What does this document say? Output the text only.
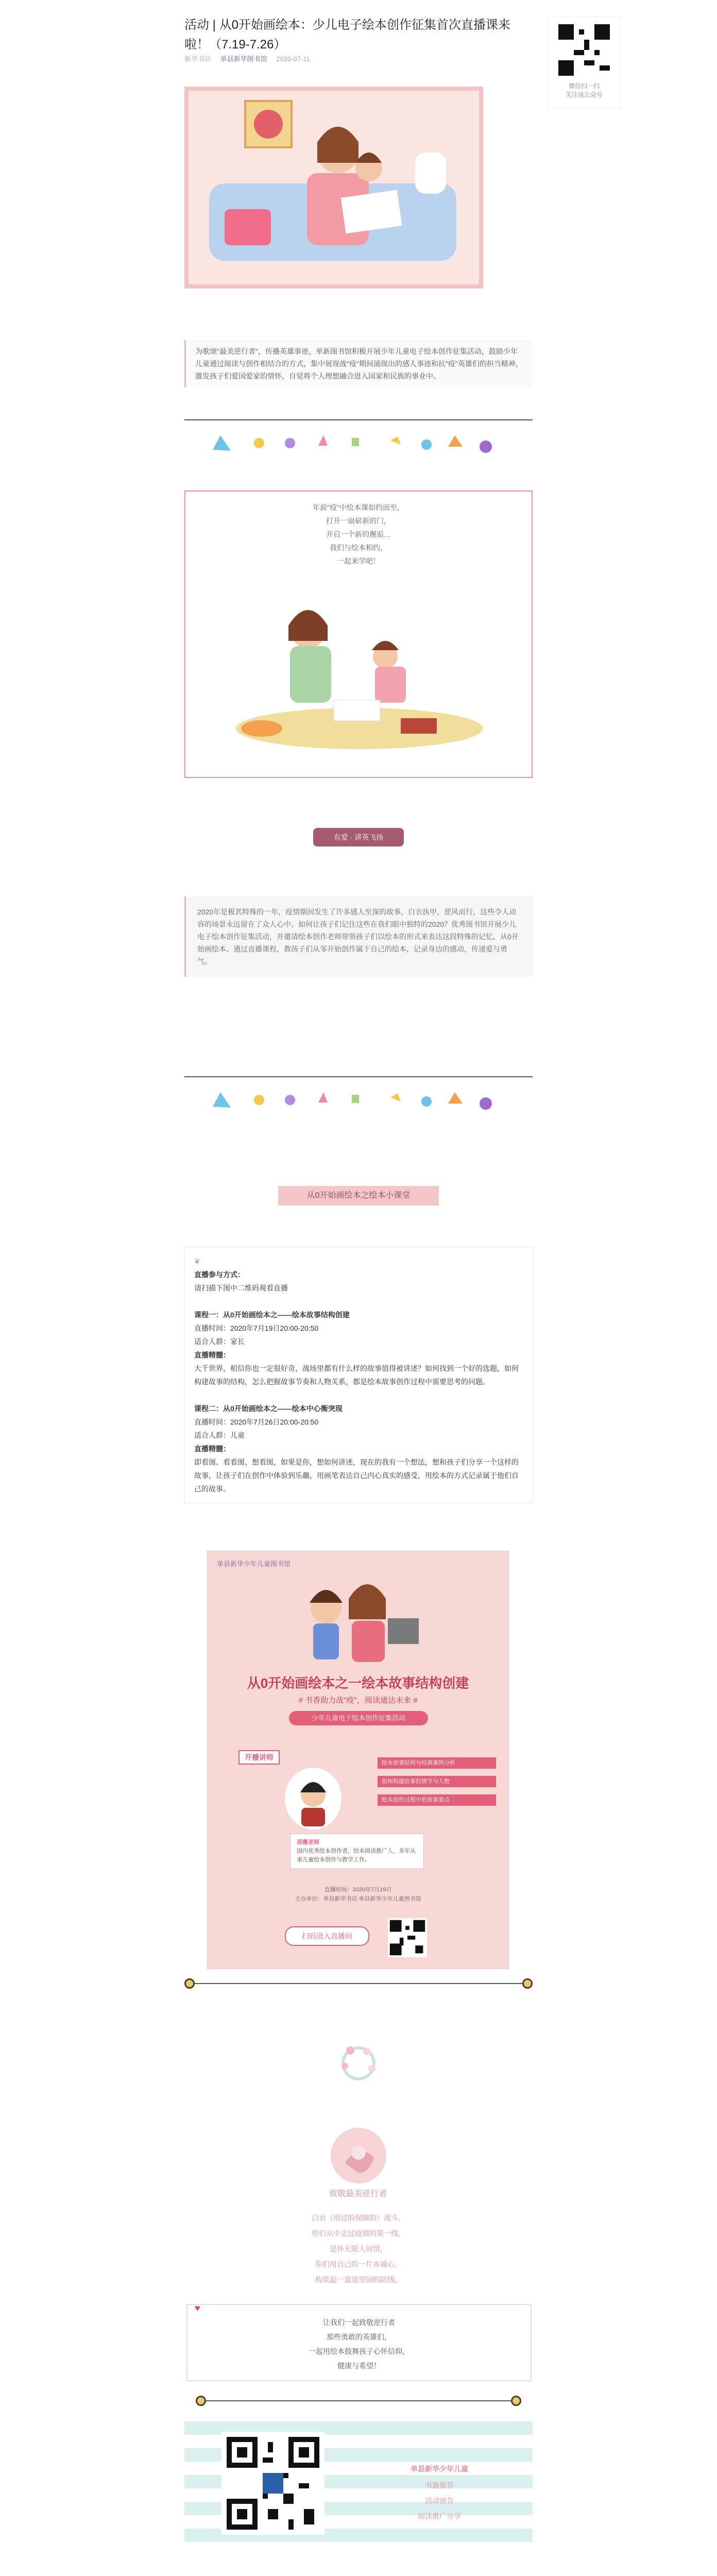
活动 | 从0开始画绘本：少儿电子绘本创作征集首次直播课来啦！（7.19-7.26）
新华书店 单县新华图书馆 2020-07-11
微信扫一扫
关注该公众号
为歌颂"最美逆行者"，传播英雄事迹，单新图书馆积极开展少年儿童电子绘本创作征集活动，鼓励少年儿童通过阅读与创作相结合的方式，集中展现战"疫"期间涌现出的感人事迹和抗"疫"英雄们的担当精神，激发孩子们爱国爱家的情怀，自觉将个人理想融合进入国家和民族的事业中。
年前"疫"中绘本课如约而至，
打开一扇崭新的门，
开启一个新的邂逅…
我们与绘本相约，
一起来学吧！
有爱 · 讲英飞扬
2020年是极其特殊的一年，疫情期间发生了许多感人至深的故事，白衣执甲，逆风而行，这些令人动容的场景永远留在了众人心中。如何让孩子们记住这些在我们眼中独特的2020？优秀图书馆开展少儿电子绘本创作征集活动，并邀请绘本创作老师带领孩子们以绘本的形式来表达这段特殊的记忆，从0开始画绘本。通过直播课程，教孩子们从零开始创作属于自己的绘本，记录身边的感动，传递爱与勇气。
从0开始画绘本之绘本小课堂
❦
直播参与方式：
请扫描下图中二维码观看直播
课程一：从0开始画绘本之——绘本故事结构创建
直播时间：2020年7月19日20:00-20:50
适合人群：家长
直播精髓：
大千世界，相信你也一定很好奇，战场里都有什么样的故事值得被讲述？如何找到一个好的选题，如何构建故事的结构，怎么把握故事节奏和人物关系，都是绘本故事创作过程中需要思考的问题。
课程二：从0开始画绘本之——绘本中心衡突现
直播时间：2020年7月26日20:00-20:50
适合人群：儿童
直播精髓：
即看图、看看图、想看图，如果是你，想如何讲述，现在的我有一个想法，想和孩子们分享一个这样的故事，让孩子们在创作中体验到乐趣，用画笔表达自己内心真实的感受，用绘本的方式记录属于他们自己的故事。
单县新华少年儿童图书馆
从0开始画绘本之一绘本故事结构创建
# 书香助力战"疫"，阅读通达未来 #
少年儿童电子绘本创作征集活动
开播讲师
绘本故事结构与经典案例分析
如何构建故事的情节与人物
绘本创作过程中的故事要点
邵薇老师
国内优秀绘本创作者，绘本阅读推广人，多年从事儿童绘本创作与教学工作。
直播时间：2020年7月19日
主办单位：单县新华书店 单县新华少年儿童图书馆
扫码进入直播间
致敬最美逆行者
白衣（用过的保障的）战斗，
你们从中走过疫情的第一线，
是怀无限人间情，
你们用自己的一片赤诚心，
构筑起一道道坚固的防线。
♥
让我们一起致敬逆行者
那些勇敢的英雄们，
一起用绘本鼓舞孩子心怀信仰，
健康与希望！
单县新华少年儿童
书籍推荐
活动预告
阅读推广分享
